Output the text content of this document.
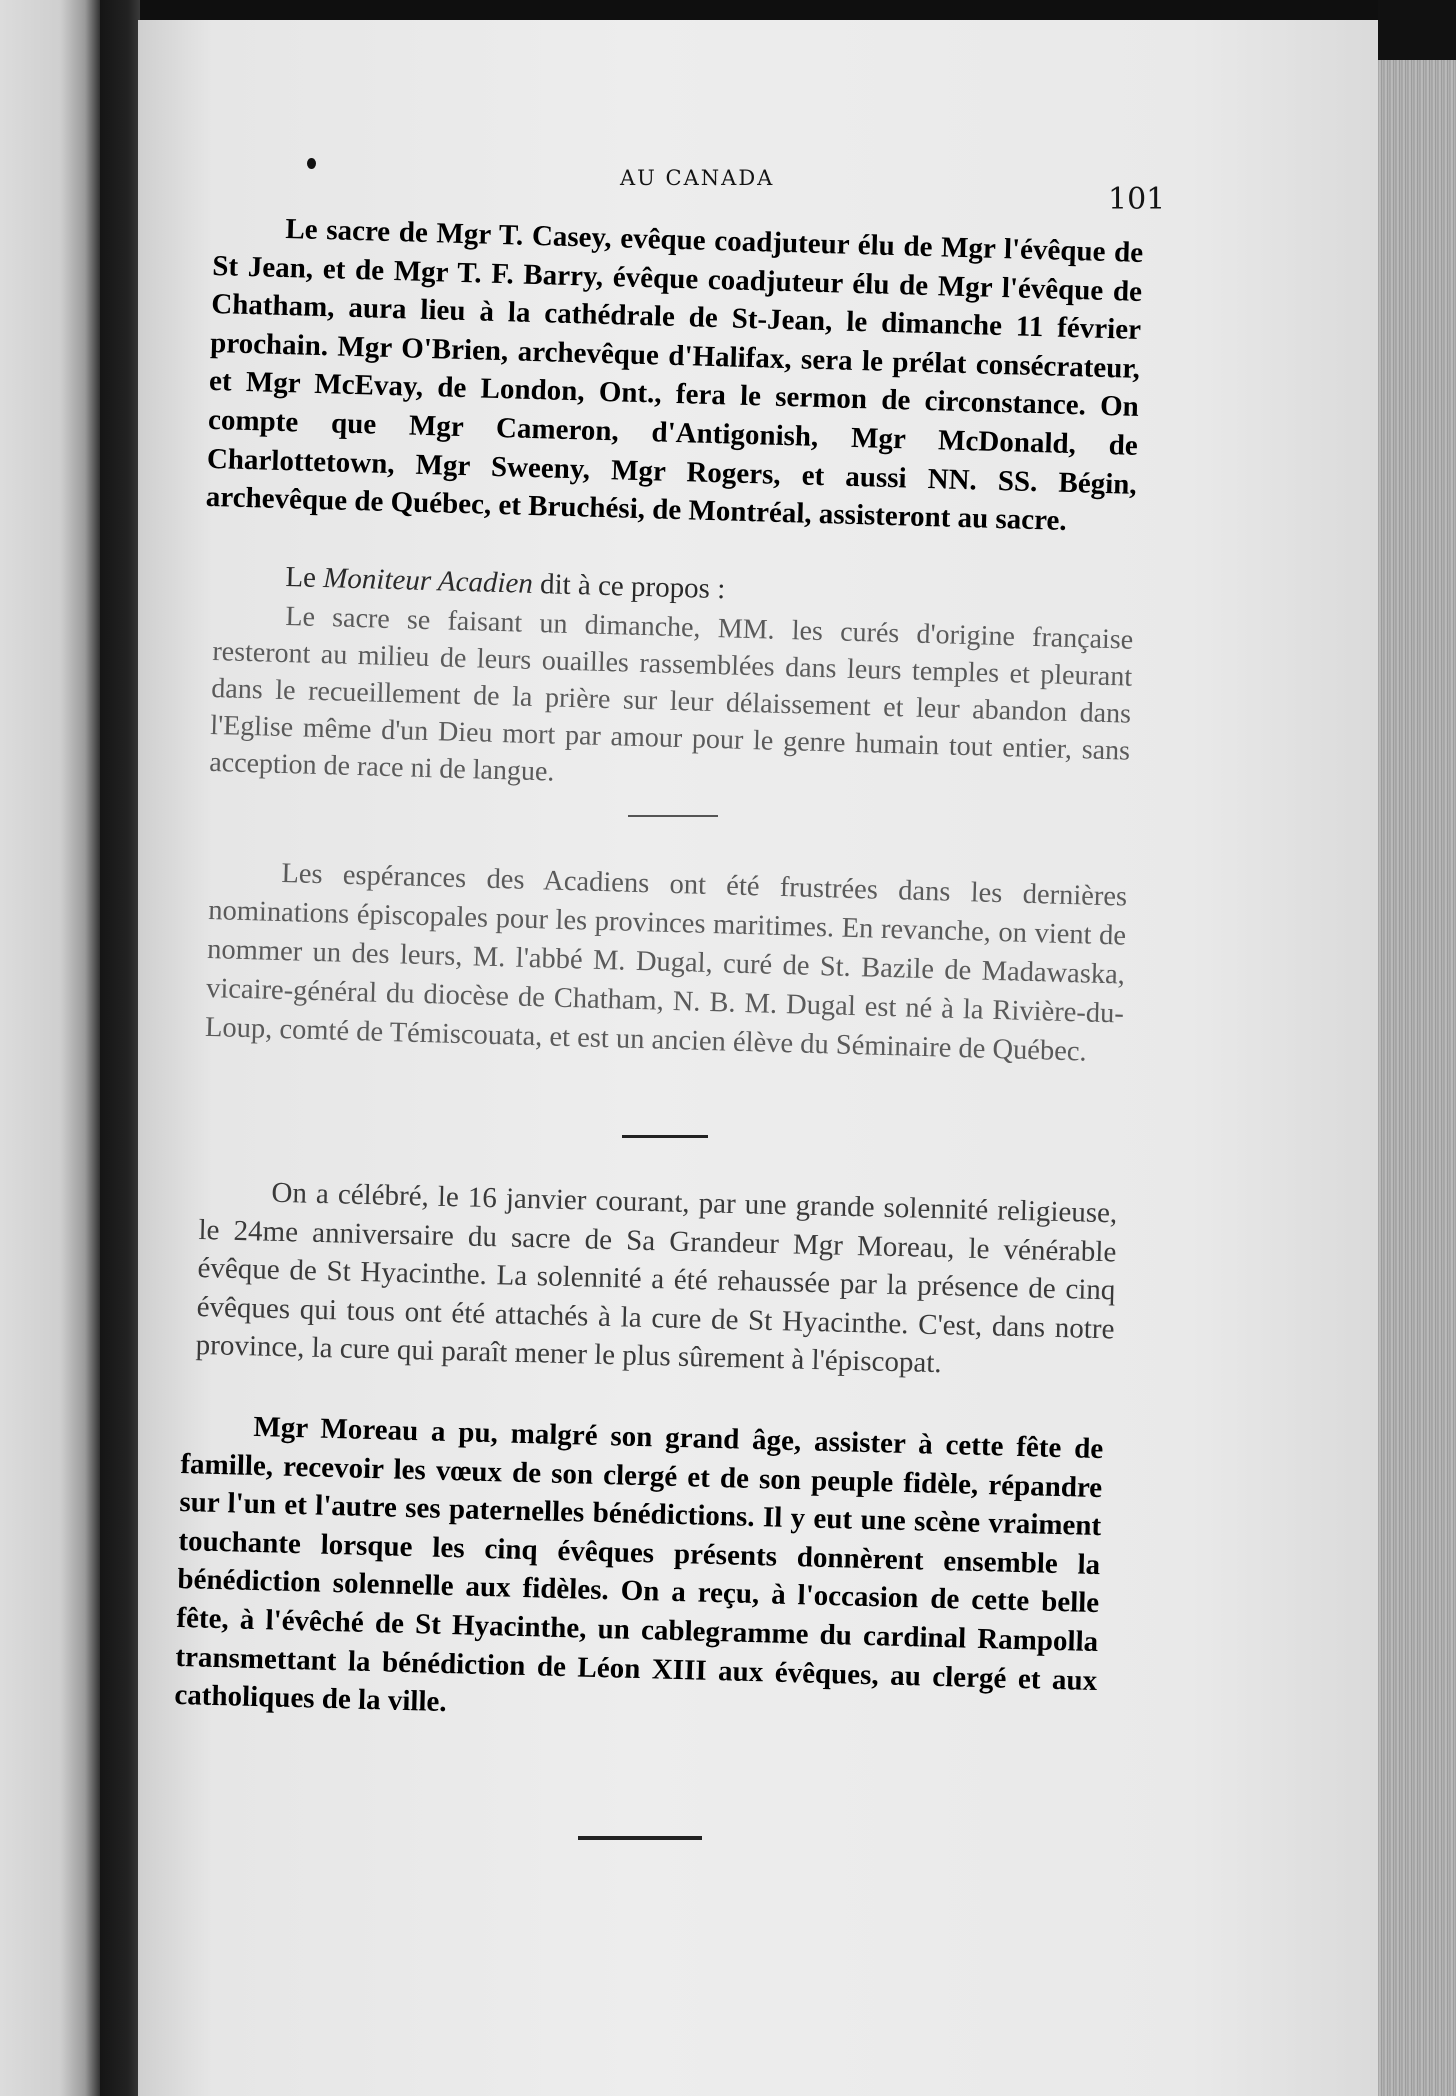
AU CANADA
101

Le sacre de Mgr T. Casey, evêque coadjuteur élu de Mgr l'évêque de St Jean, et de Mgr T. F. Barry, évêque coadjuteur élu de Mgr l'évêque de Chatham, aura lieu à la cathédrale de St-Jean, le dimanche 11 février prochain. Mgr O'Brien, archevêque d'Halifax, sera le prélat consécrateur, et Mgr McEvay, de London, Ont., fera le sermon de circonstance. On compte que Mgr Cameron, d'Antigonish, Mgr McDonald, de Charlottetown, Mgr Sweeny, Mgr Rogers, et aussi NN. SS. Bégin, archevêque de Québec, et Bruchési, de Montréal, assisteront au sacre.

Le Moniteur Acadien dit à ce propos :

Le sacre se faisant un dimanche, MM. les curés d'origine française resteront au milieu de leurs ouailles rassemblées dans leurs temples et pleurant dans le recueillement de la prière sur leur délaissement et leur abandon dans l'Eglise même d'un Dieu mort par amour pour le genre humain tout entier, sans acception de race ni de langue.

Les espérances des Acadiens ont été frustrées dans les dernières nominations épiscopales pour les provinces maritimes. En revanche, on vient de nommer un des leurs, M. l'abbé M. Dugal, curé de St. Bazile de Madawaska, vicaire-général du diocèse de Chatham, N. B. M. Dugal est né à la Rivière-du-Loup, comté de Témiscouata, et est un ancien élève du Séminaire de Québec.

On a célébré, le 16 janvier courant, par une grande solennité religieuse, le 24me anniversaire du sacre de Sa Grandeur Mgr Moreau, le vénérable évêque de St Hyacinthe. La solennité a été rehaussée par la présence de cinq évêques qui tous ont été attachés à la cure de St Hyacinthe. C'est, dans notre province, la cure qui paraît mener le plus sûrement à l'épiscopat.

Mgr Moreau a pu, malgré son grand âge, assister à cette fête de famille, recevoir les vœux de son clergé et de son peuple fidèle, répandre sur l'un et l'autre ses paternelles bénédictions. Il y eut une scène vraiment touchante lorsque les cinq évêques présents donnèrent ensemble la bénédiction solennelle aux fidèles. On a reçu, à l'occasion de cette belle fête, à l'évêché de St Hyacinthe, un cablegramme du cardinal Rampolla transmettant la bénédiction de Léon XIII aux évêques, au clergé et aux catholiques de la ville.
